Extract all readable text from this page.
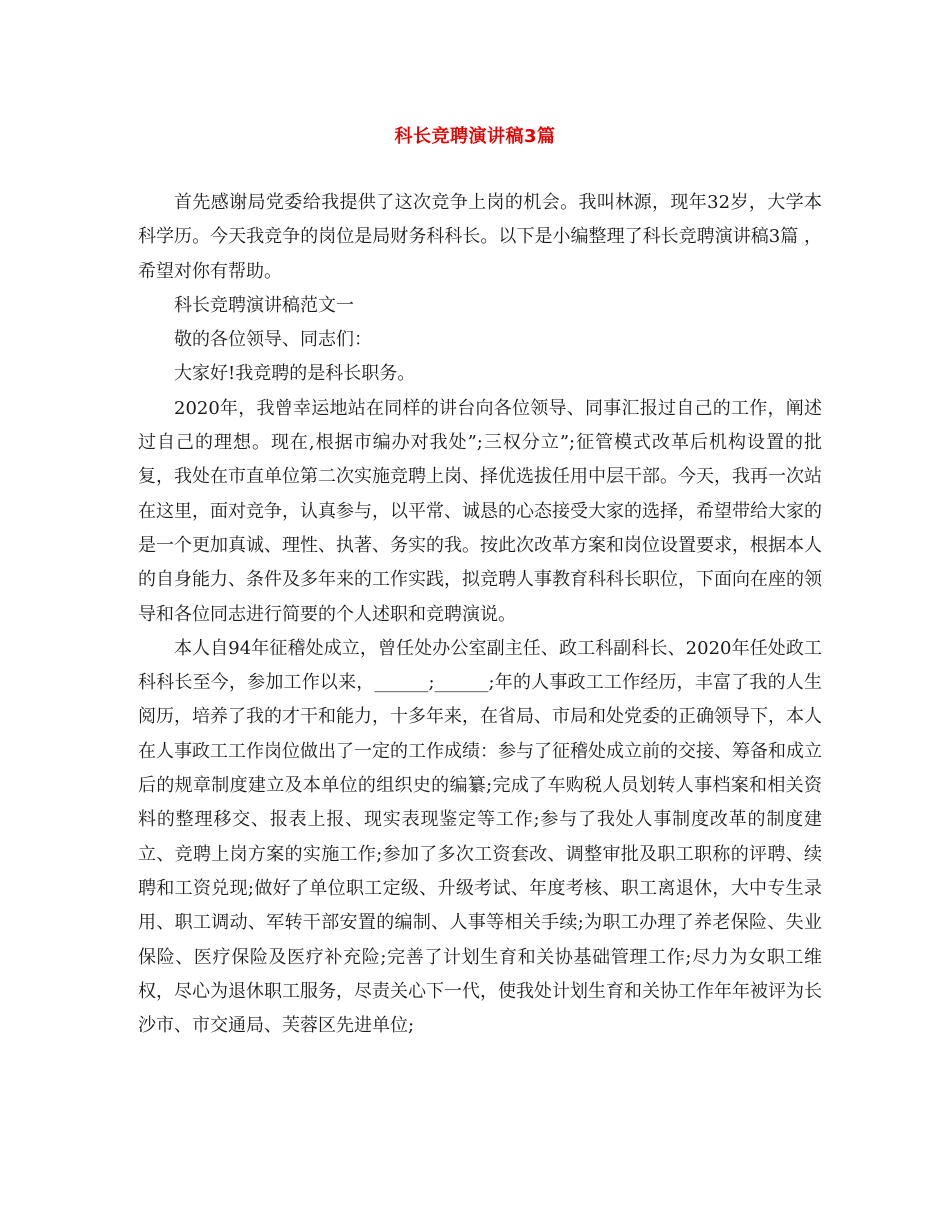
科长竞聘演讲稿3篇

首先感谢局党委给我提供了这次竞争上岗的机会。我叫林源，现年32岁，大学本科学历。今天我竞争的岗位是局财务科科长。以下是小编整理了科长竞聘演讲稿3篇 ，希望对你有帮助。

科长竞聘演讲稿范文一

敬的各位领导、同志们：

大家好!我竞聘的是科长职务。

2020年，我曾幸运地站在同样的讲台向各位领导、同事汇报过自己的工作，阐述过自己的理想。现在,根据市编办对我处”;三权分立”;征管模式改革后机构设置的批复，我处在市直单位第二次实施竞聘上岗、择优选拔任用中层干部。今天，我再一次站在这里，面对竞争，认真参与，以平常、诚恳的心态接受大家的选择，希望带给大家的是一个更加真诚、理性、执著、务实的我。按此次改革方案和岗位设置要求，根据本人的自身能力、条件及多年来的工作实践，拟竞聘人事教育科科长职位，下面向在座的领导和各位同志进行简要的个人述职和竞聘演说。

本人自94年征稽处成立，曾任处办公室副主任、政工科副科长、2020年任处政工科科长至今，参加工作以来，______;______;年的人事政工工作经历，丰富了我的人生阅历，培养了我的才干和能力，十多年来，在省局、市局和处党委的正确领导下，本人在人事政工工作岗位做出了一定的工作成绩：参与了征稽处成立前的交接、筹备和成立后的规章制度建立及本单位的组织史的编纂;完成了车购税人员划转人事档案和相关资料的整理移交、报表上报、现实表现鉴定等工作;参与了我处人事制度改革的制度建立、竞聘上岗方案的实施工作;参加了多次工资套改、调整审批及职工职称的评聘、续聘和工资兑现;做好了单位职工定级、升级考试、年度考核、职工离退休，大中专生录用、职工调动、军转干部安置的编制、人事等相关手续;为职工办理了养老保险、失业保险、医疗保险及医疗补充险;完善了计划生育和关协基础管理工作;尽力为女职工维权，尽心为退休职工服务，尽责关心下一代，使我处计划生育和关协工作年年被评为长沙市、市交通局、芙蓉区先进单位;
